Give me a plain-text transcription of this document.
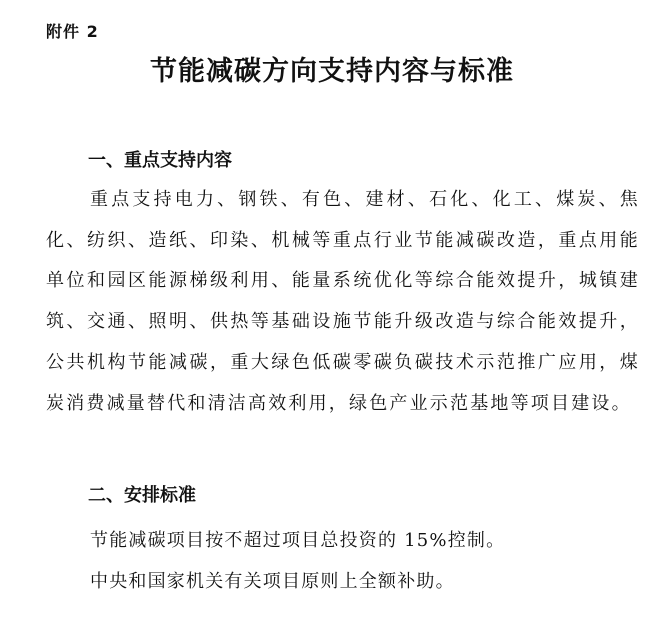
附件 2
节能减碳方向支持内容与标准
一、重点支持内容
重点支持电力、钢铁、有色、建材、石化、化工、煤炭、焦化、纺织、造纸、印染、机械等重点行业节能减碳改造，重点用能单位和园区能源梯级利用、能量系统优化等综合能效提升，城镇建筑、交通、照明、供热等基础设施节能升级改造与综合能效提升，公共机构节能减碳，重大绿色低碳零碳负碳技术示范推广应用，煤炭消费减量替代和清洁高效利用，绿色产业示范基地等项目建设。
二、安排标准
节能减碳项目按不超过项目总投资的 15%控制。
中央和国家机关有关项目原则上全额补助。
